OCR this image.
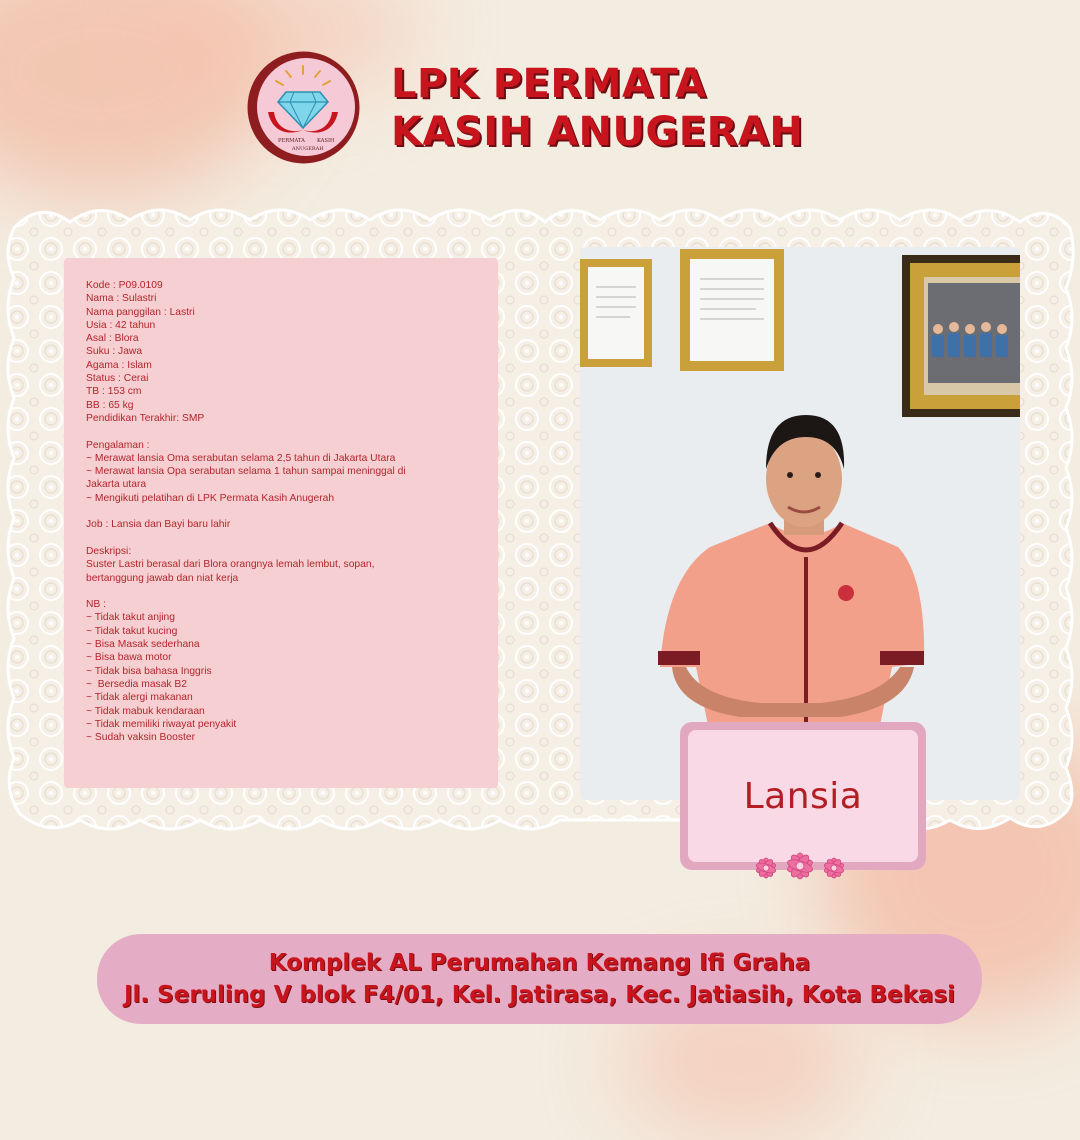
PERMATA KASIH
ANUGERAH
LPK PERMATA
KASIH ANUGERAH
Kode : P09.0109
Nama : Sulastri
Nama panggilan : Lastri
Usia : 42 tahun
Asal : Blora
Suku : Jawa
Agama : Islam
Status : Cerai
TB : 153 cm
BB : 65 kg
Pendidikan Terakhir: SMP
Pengalaman :
~ Merawat lansia Oma serabutan selama 2,5 tahun di Jakarta Utara
~ Merawat lansia Opa serabutan selama 1 tahun sampai meninggal di
Jakarta utara
~ Mengikuti pelatihan di LPK Permata Kasih Anugerah
Job : Lansia dan Bayi baru lahir
Deskripsi:
Suster Lastri berasal dari Blora orangnya lemah lembut, sopan,
bertanggung jawab dan niat kerja
NB :
~ Tidak takut anjing
~ Tidak takut kucing
~ Bisa Masak sederhana
~ Bisa bawa motor
~ Tidak bisa bahasa Inggris
~  Bersedia masak B2
~ Tidak alergi makanan
~ Tidak mabuk kendaraan
~ Tidak memiliki riwayat penyakit
~ Sudah vaksin Booster
Lansia
Komplek AL Perumahan Kemang Ifi Graha
Jl. Seruling V blok F4/01, Kel. Jatirasa, Kec. Jatiasih, Kota Bekasi
